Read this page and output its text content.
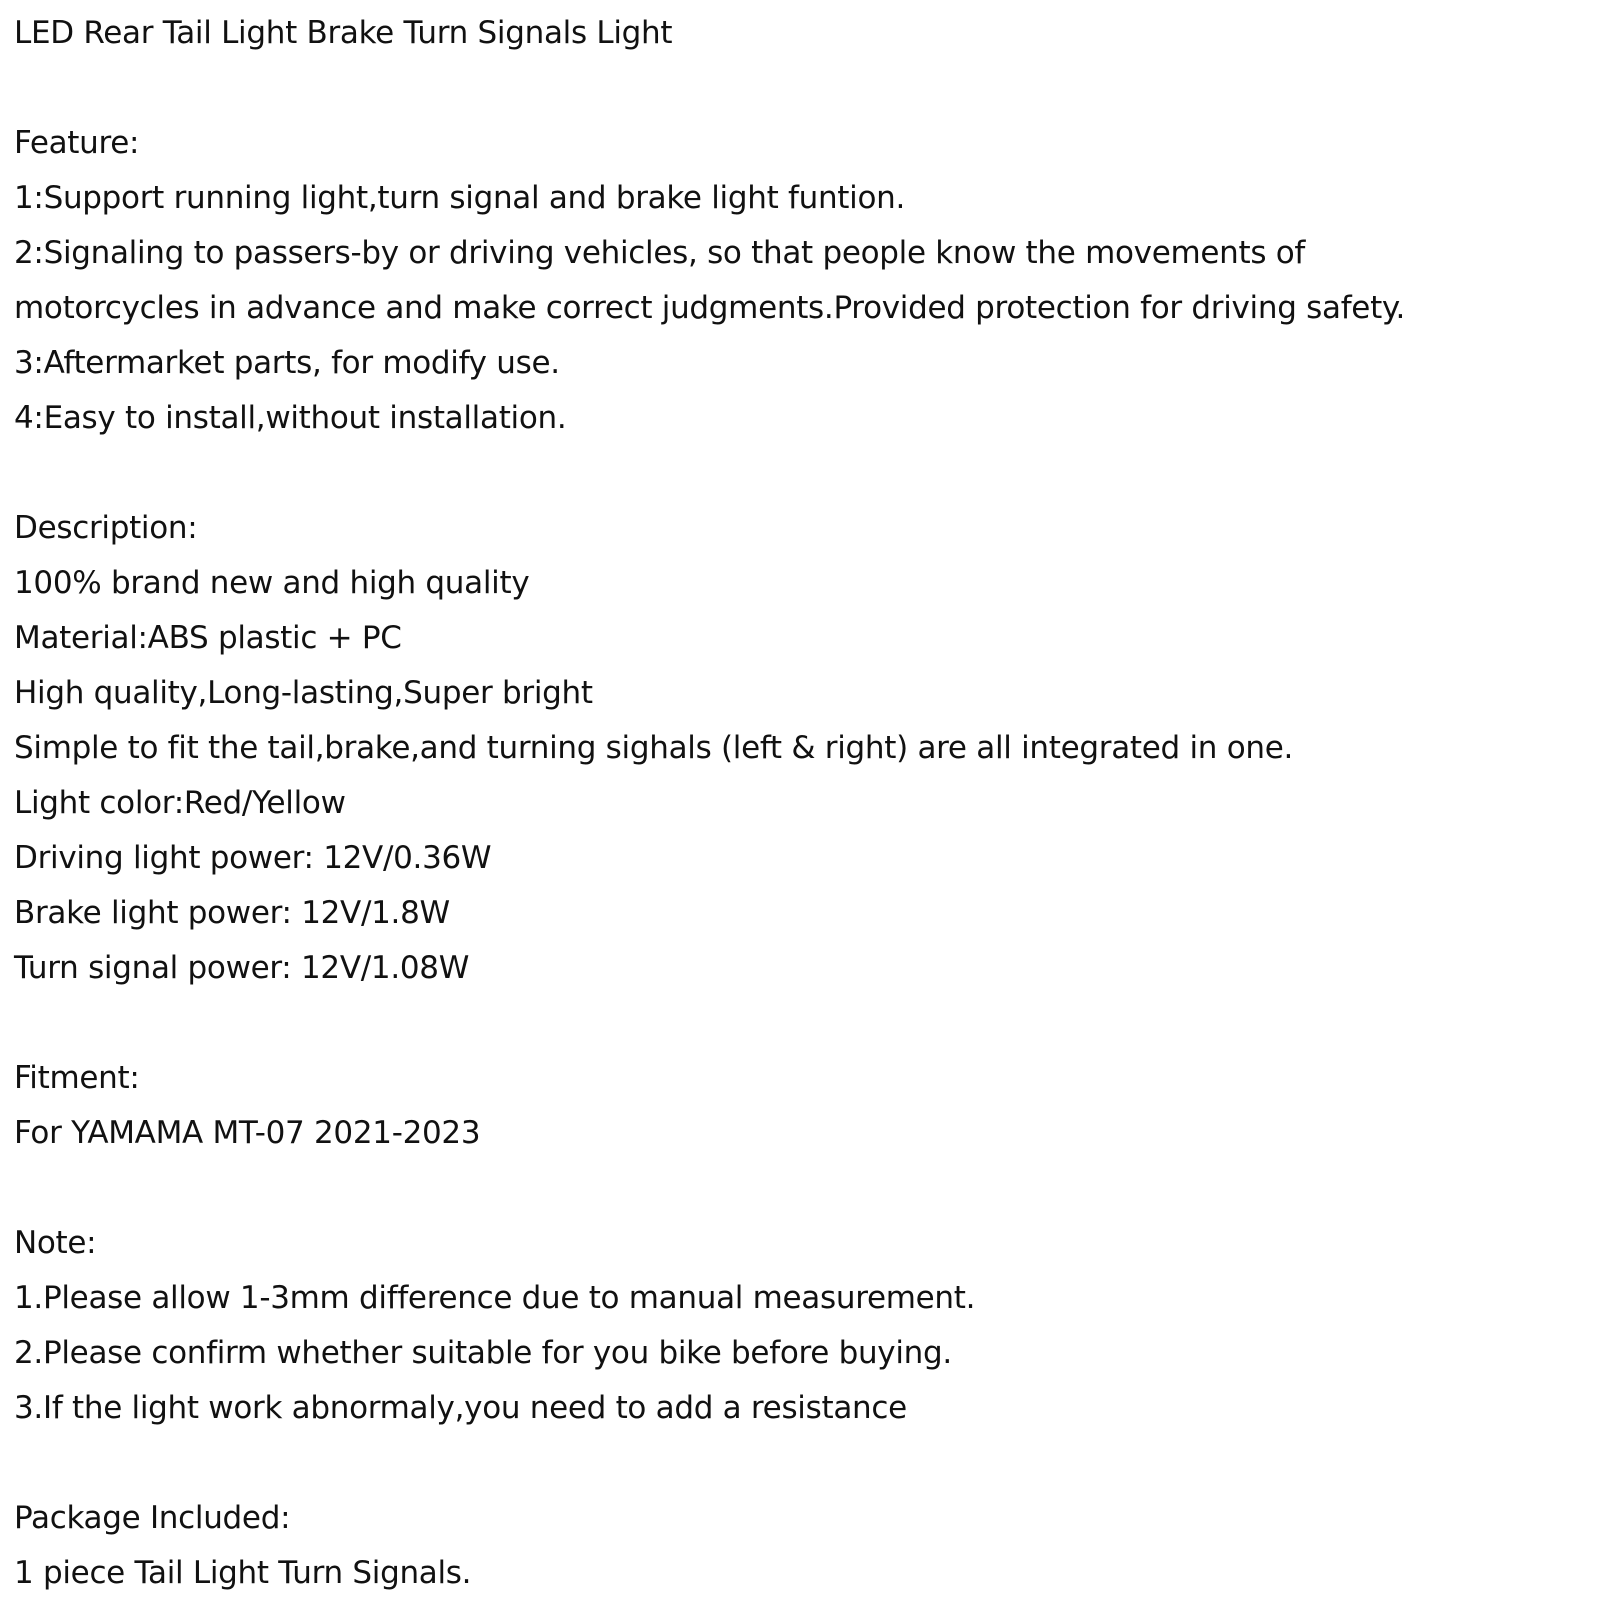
LED Rear Tail Light Brake Turn Signals Light
Feature:
1:Support running light,turn signal and brake light funtion.
2:Signaling to passers-by or driving vehicles, so that people know the movements of
motorcycles in advance and make correct judgments.Provided protection for driving safety.
3:Aftermarket parts, for modify use.
4:Easy to install,without installation.
Description:
100% brand new and high quality
Material:ABS plastic + PC
High quality,Long-lasting,Super bright
Simple to fit the tail,brake,and turning sighals (left & right) are all integrated in one.
Light color:Red/Yellow
Driving light power: 12V/0.36W
Brake light power: 12V/1.8W
Turn signal power: 12V/1.08W
Fitment:
For YAMAMA MT-07 2021-2023
Note:
1.Please allow 1-3mm difference due to manual measurement.
2.Please confirm whether suitable for you bike before buying.
3.If the light work abnormaly,you need to add a resistance
Package Included:
1 piece Tail Light Turn Signals.
